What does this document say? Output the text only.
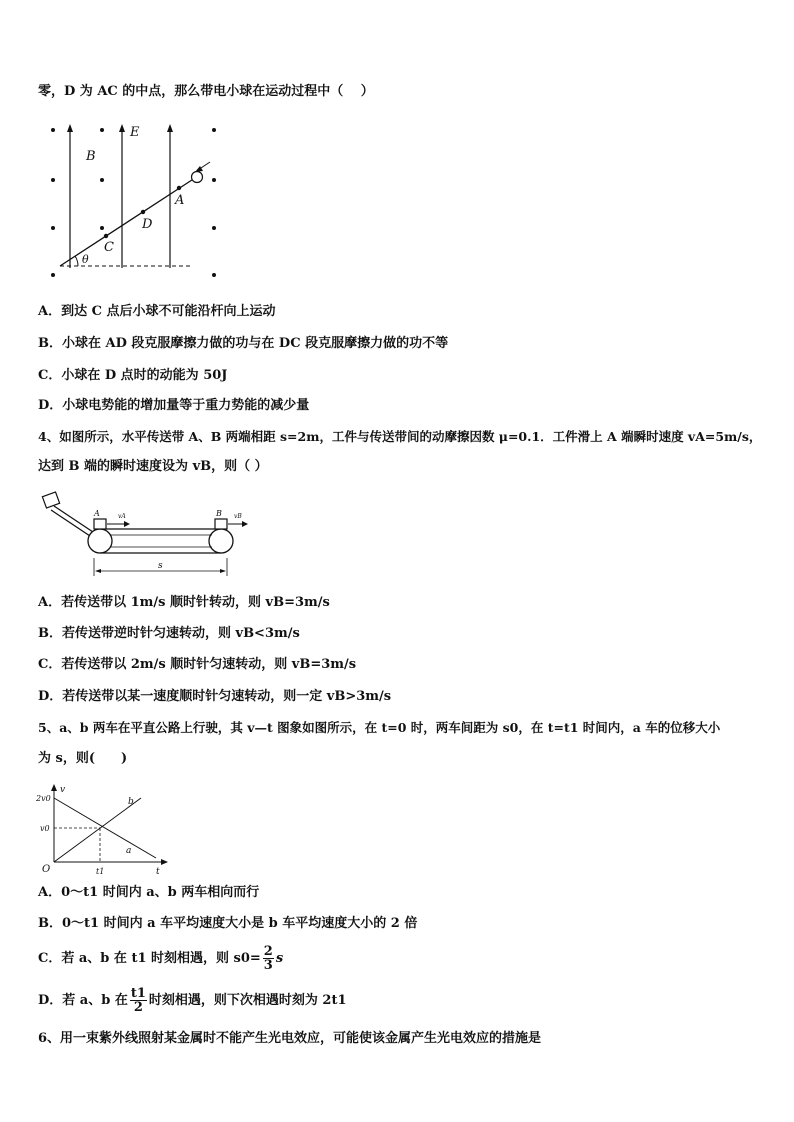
零，D 为 AC 的中点，那么带电小球在运动过程中（　 ）
B
E
A
D
C
θ
A．到达 C 点后小球不可能沿杆向上运动
B．小球在 AD 段克服摩擦力做的功与在 DC 段克服摩擦力做的功不等
C．小球在 D 点时的动能为 50J
D．小球电势能的增加量等于重力势能的减少量
4、如图所示，水平传送带 A、B 两端相距 s=2m，工件与传送带间的动摩擦因数 μ=0.1．工件滑上 A 端瞬时速度 vA=5m/s，
达到 B 端的瞬时速度设为 vB，则（ ）
A	B
vA	vB
s
A．若传送带以 1m/s 顺时针转动，则 vB=3m/s
B．若传送带逆时针匀速转动，则 vB<3m/s
C．若传送带以 2m/s 顺时针匀速转动，则 vB=3m/s
D．若传送带以某一速度顺时针匀速转动，则一定 vB>3m/s
5、a、b 两车在平直公路上行驶，其 v—t 图象如图所示，在 t=0 时，两车间距为 s0，在 t=t1 时间内，a 车的位移大小
为 s，则(　　)
v
t
O
2v0
v0
t1
a
b
A．0～t1 时间内 a、b 两车相向而行
B．0～t1 时间内 a 车平均速度大小是 b 车平均速度大小的 2 倍
C．若 a、b 在 t1 时刻相遇，则 $s0= \frac{2}{3}$ s
D．若 a、b 在 $\frac{t1}{2}$ 时刻相遇，则下次相遇时刻为 2t1
6、用一束紫外线照射某金属时不能产生光电效应，可能使该金属产生光电效应的措施是
